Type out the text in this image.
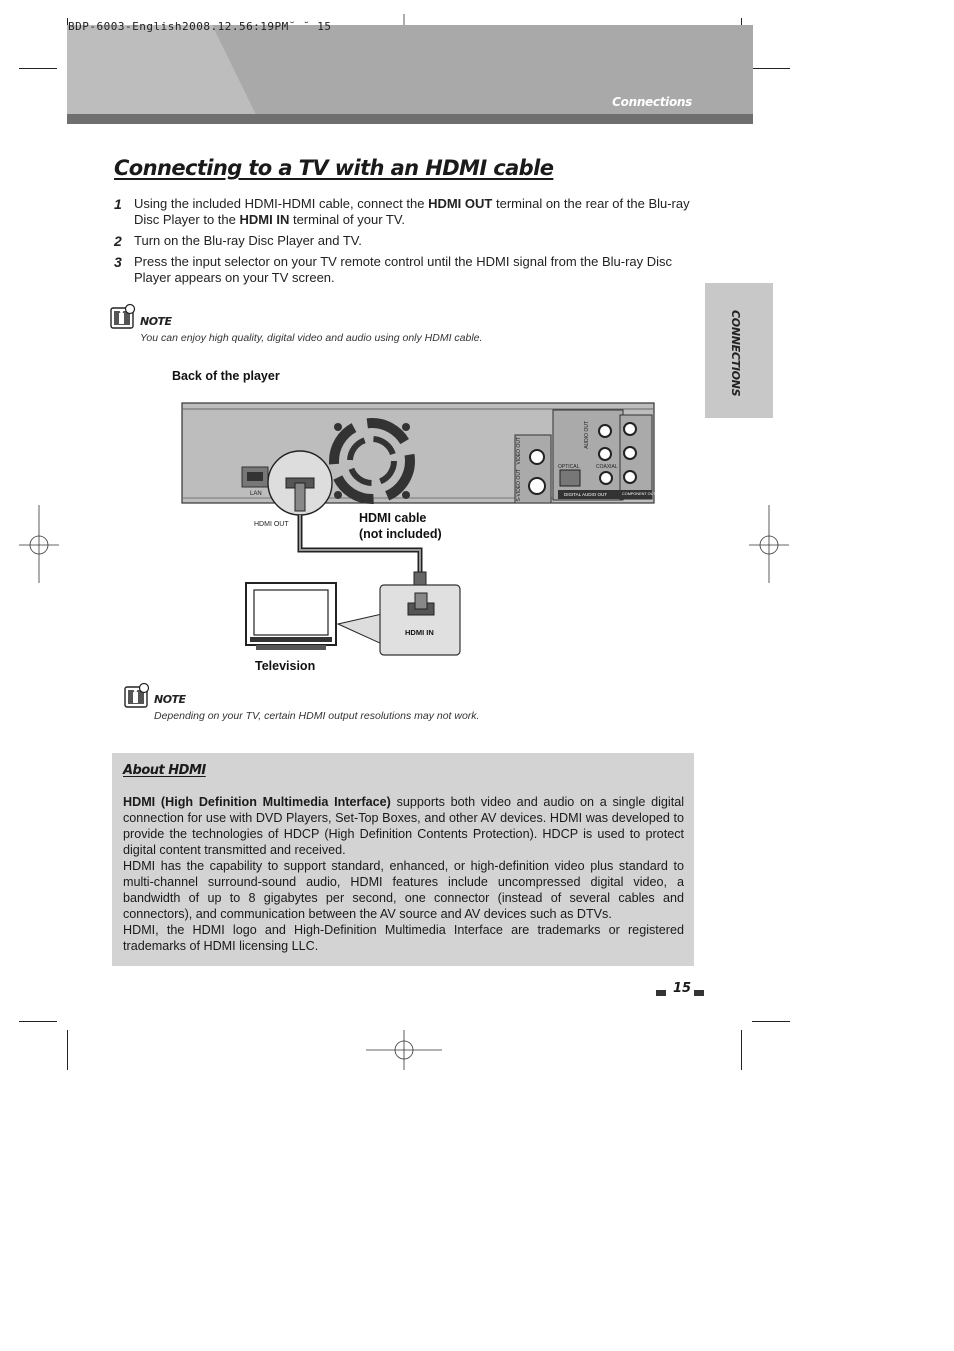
BDP-6003-English2008.12.56:19PM˘ ˘ 15
Connections
CONNECTIONS
Connecting to a TV with an HDMI cable
1 Using the included HDMI-HDMI cable, connect the HDMI OUT terminal on the rear of the Blu-ray Disc Player to the HDMI IN terminal of your TV.
2 Turn on the Blu-ray Disc Player and TV.
3 Press the input selector on your TV remote control until the HDMI signal from the Blu-ray Disc Player appears on your TV screen.
NOTE
You can enjoy high quality, digital video and audio using only HDMI cable.
Back of the player
LAN
HDMI OUT
OPTICAL	COAXIAL
DIGITAL AUDIO OUT	COMPONENT OUT
VIDEO OUT
S-VIDEO OUT
AUDIO OUT
HDMI cable
(not included)
HDMI IN
Television
NOTE
Depending on your TV, certain HDMI output resolutions may not work.
About HDMI

HDMI (High Definition Multimedia Interface) supports both video and audio on a single digital connection for use with DVD Players, Set-Top Boxes, and other AV devices. HDMI was developed to provide the technologies of HDCP (High Definition Contents Protection). HDCP is used to protect digital content transmitted and received.

HDMI has the capability to support standard, enhanced, or high-definition video plus standard to multi-channel surround-sound audio, HDMI features include uncompressed digital video, a bandwidth of up to 8 gigabytes per second, one connector (instead of several cables and connectors), and communication between the AV source and AV devices such as DTVs.

HDMI, the HDMI logo and High-Definition Multimedia Interface are trademarks or registered trademarks of HDMI licensing LLC.

15
